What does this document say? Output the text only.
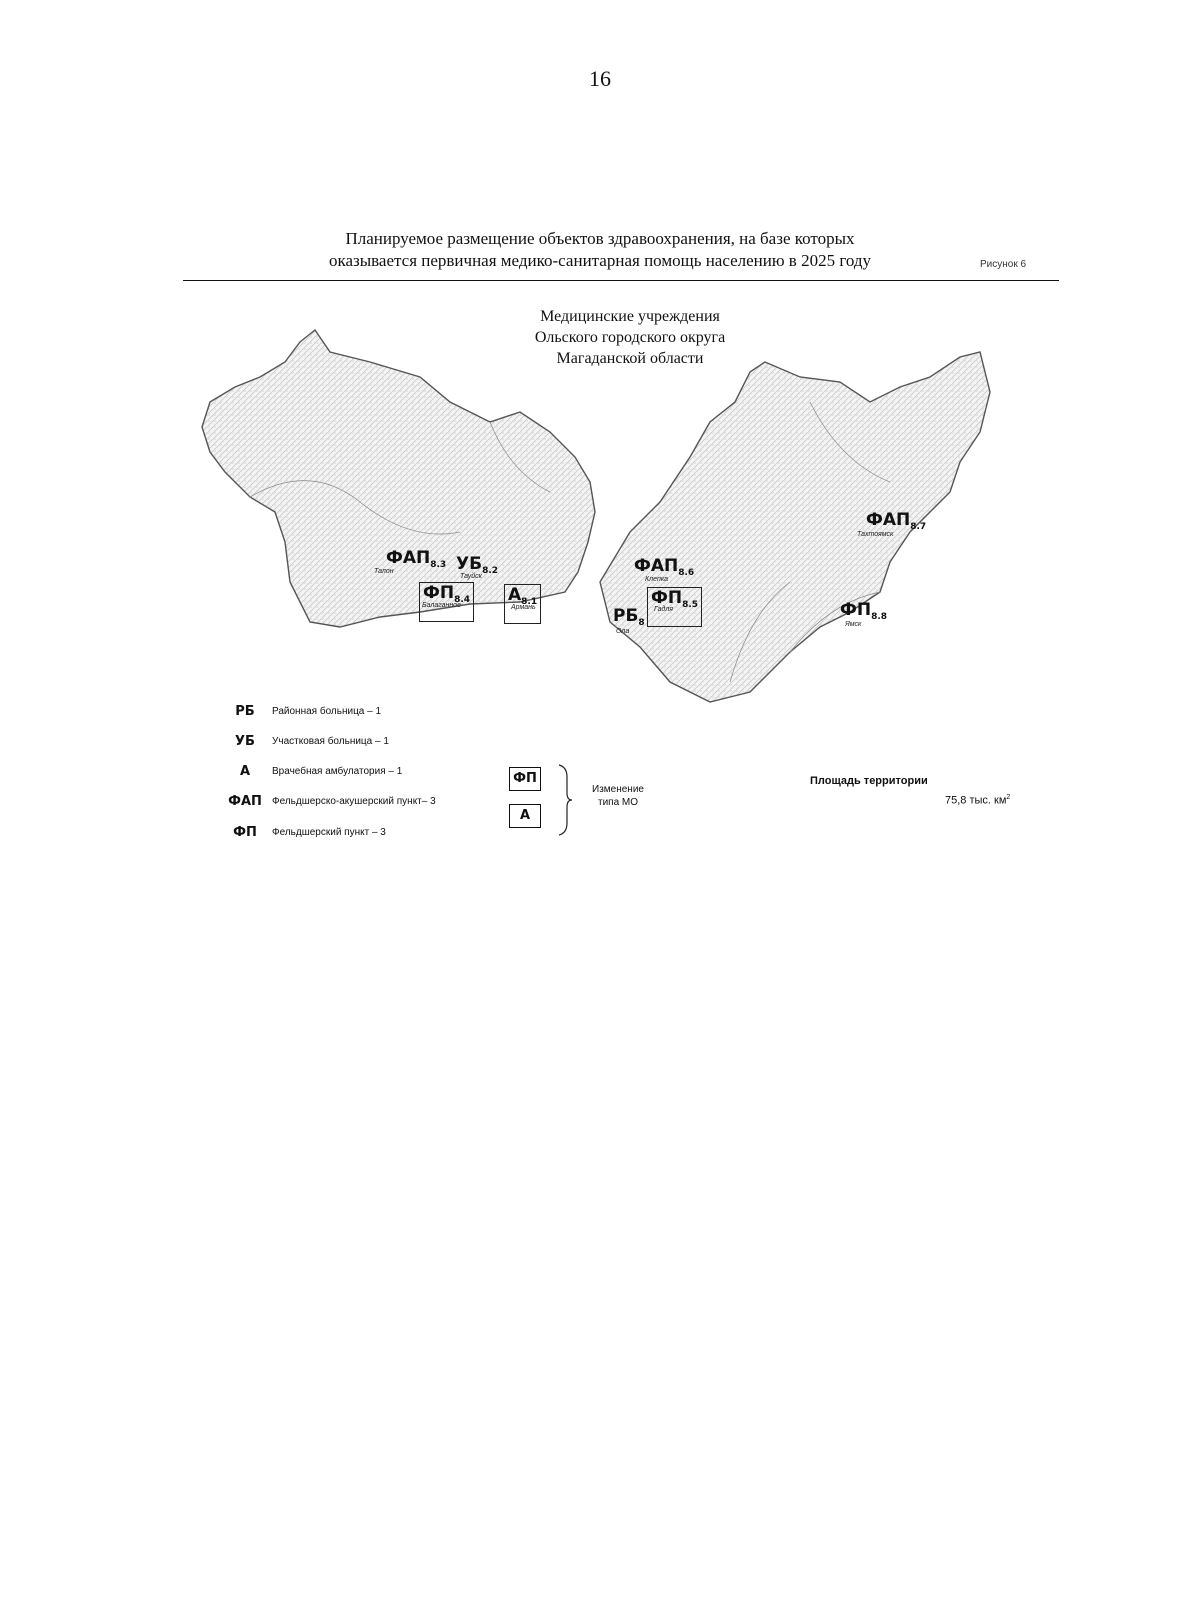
16
Планируемое размещение объектов здравоохранения, на базе которых
оказывается первичная медико-санитарная помощь населению в 2025 году	Рисунок 6
Медицинские учреждения
Ольского городского округа
Магаданской области
$ФАП_{8.3}$
Талон	$УБ_{8.2}$
Тауйск
$ФП_{8.4}$
Балаганное
$А_{8.1}$
Армань
$ФАП_{8.6}$
Клепка
$РБ_8$
Ола
$ФП_{8.5}$
Гадля
$ФАП_{8.7}$
Тахтоямск
$ФП_{8.8}$
Ямск
РБ	Районная больница – 1
УБ	Участковая больница – 1
А	Врачебная амбулатория – 1
ФАП Фельдшерско-акушерский пункт– 3
ФП	Фельдшерский пункт – 3
ФП
А
Изменение
типа МО
Площадь территории
75,8 тыс. $км^2$
